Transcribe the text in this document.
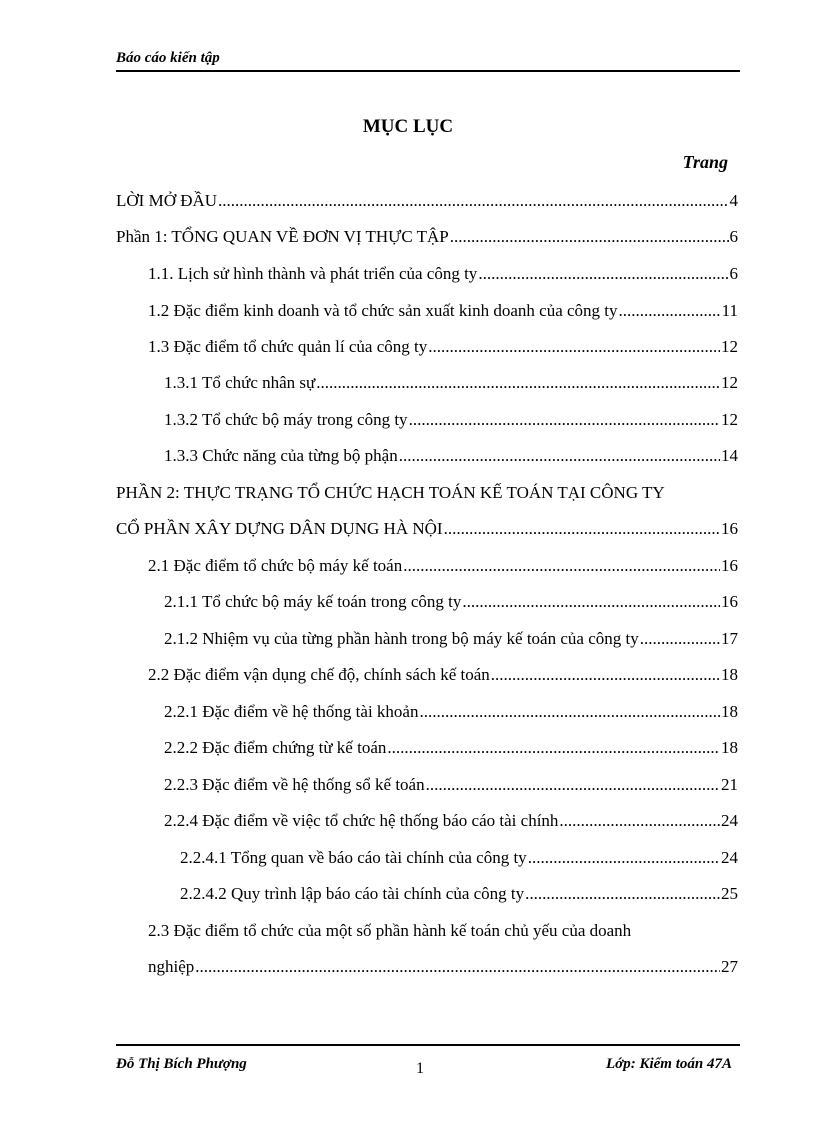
Báo cáo kiến tập
MỤC LỤC
Trang
LỜI MỞ ĐẦU	4
.....
Phần 1: TỔNG QUAN VỀ ĐƠN VỊ THỰC TẬP	6
.....
1.1. Lịch sử hình thành và phát triển của công ty	6
.....
1.2 Đặc điểm kinh doanh và tổ chức sản xuất kinh doanh của công ty	11
.....
1.3 Đặc điểm tổ chức quản lí của công ty	12
.....
1.3.1 Tổ chức nhân sự	12
.....
1.3.2 Tổ chức bộ máy trong công ty	12
.....
1.3.3 Chức năng của từng bộ phận	14
.....
PHẦN 2: THỰC TRẠNG TỔ CHỨC HẠCH TOÁN KẾ TOÁN TẠI CÔNG TY
CỔ PHẦN XÂY DỰNG DÂN DỤNG HÀ NỘI	16
.....
2.1 Đặc điểm tổ chức bộ máy kế toán	16
.....
2.1.1 Tổ chức bộ máy kế toán trong công ty	16
.....
2.1.2 Nhiệm vụ của từng phần hành trong bộ máy kế toán của công ty	17
.....
2.2 Đặc điểm vận dụng chế độ, chính sách kế toán	18
.....
2.2.1 Đặc điểm về hệ thống tài khoản	18
.....
2.2.2 Đặc điểm chứng từ kế toán	18
.....
2.2.3 Đặc điểm về hệ thống sổ kế toán	21
.....
2.2.4 Đặc điểm về việc tổ chức hệ thống báo cáo tài chính	24
.....
2.2.4.1 Tổng quan về báo cáo tài chính của công ty	24
.....
2.2.4.2 Quy trình lập báo cáo tài chính của công ty	25
.....
2.3 Đặc điểm tổ chức của một số phần hành kế toán chủ yếu của doanh
nghiệp	27
.....
Đỗ Thị Bích Phượng	1	Lớp: Kiểm toán 47A
